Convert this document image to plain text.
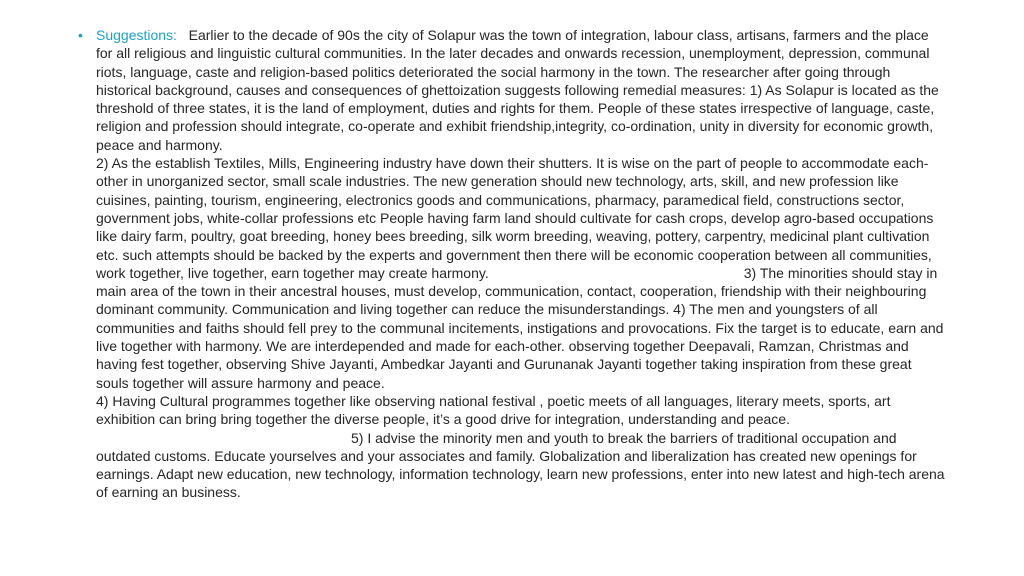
• Suggestions: Earlier to the decade of 90s the city of Solapur was the town of integration, labour class, artisans, farmers and the place for all religious and linguistic cultural communities. In the later decades and onwards recession, unemployment, depression, communal riots, language, caste and religion-based politics deteriorated the social harmony in the town. The researcher after going through historical background, causes and consequences of ghettoization suggests following remedial measures: 1) As Solapur is located as the threshold of three states, it is the land of employment, duties and rights for them. People of these states irrespective of language, caste, religion and profession should integrate, co-operate and exhibit friendship,integrity, co-ordination, unity in diversity for economic growth, peace and harmony.

2) As the establish Textiles, Mills, Engineering industry have down their shutters. It is wise on the part of people to accommodate each-other in unorganized sector, small scale industries. The new generation should new technology, arts, skill, and new profession like cuisines, painting, tourism, engineering, electronics goods and communications, pharmacy, paramedical field, constructions sector, government jobs, white-collar professions etc People having farm land should cultivate for cash crops, develop agro-based occupations like dairy farm, poultry, goat breeding, honey bees breeding, silk worm breeding, weaving, pottery, carpentry, medicinal plant cultivation etc. such attempts should be backed by the experts and government then there will be economic cooperation between all communities, work together, live together, earn together may create harmony.	3) The minorities should stay in main area of the town in their ancestral houses, must develop, communication, contact, cooperation, friendship with their neighbouring dominant community. Communication and living together can reduce the misunderstandings. 4) The men and youngsters of all communities and faiths should fell prey to the communal incitements, instigations and provocations. Fix the target is to educate, earn and live together with harmony. We are interdepended and made for each-other. observing together Deepavali, Ramzan, Christmas and having fest together, observing Shive Jayanti, Ambedkar Jayanti and Gurunanak Jayanti together taking inspiration from these great souls together will assure harmony and peace.

4) Having Cultural programmes together like observing national festival , poetic meets of all languages, literary meets, sports, art exhibition can bring bring together the diverse people, it’s a good drive for integration, understanding and peace.5) I advise the minority men and youth to break the barriers of traditional occupation and outdated customs. Educate yourselves and your associates and family. Globalization and liberalization has created new openings for earnings. Adapt new education, new technology, information technology, learn new professions, enter into new latest and high-tech arena of earning an business.
